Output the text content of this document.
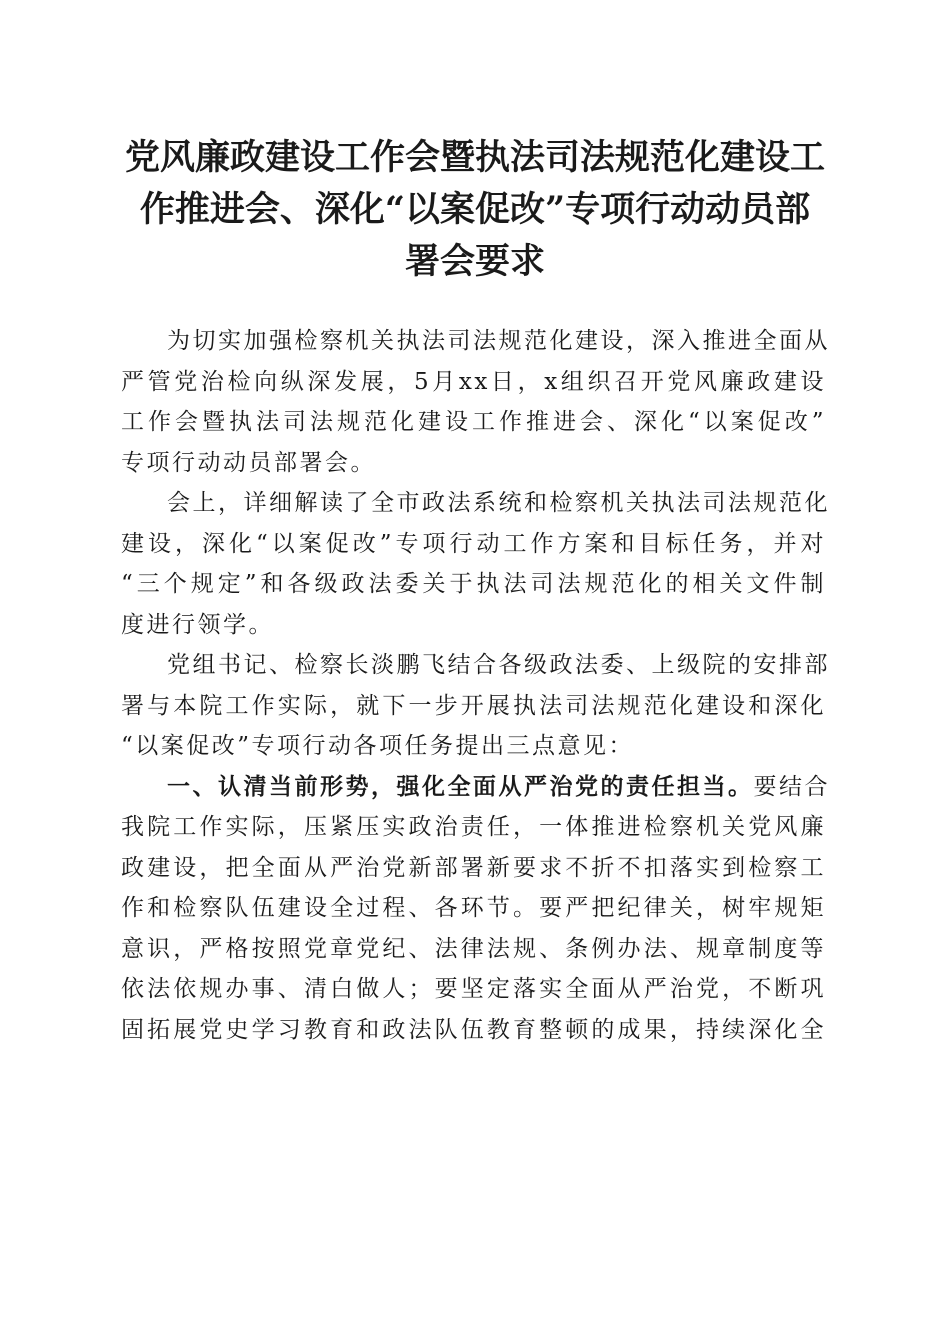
党风廉政建设工作会暨执法司法规范化建设工
作推进会、深化“以案促改”专项行动动员部
署会要求
为切实加强检察机关执法司法规范化建设，深入推进全面从
严管党治检向纵深发展，5月xx日，x组织召开党风廉政建设
工作会暨执法司法规范化建设工作推进会、深化“以案促改”
专项行动动员部署会。
会上，详细解读了全市政法系统和检察机关执法司法规范化
建设，深化“以案促改”专项行动工作方案和目标任务，并对
“三个规定”和各级政法委关于执法司法规范化的相关文件制
度进行领学。
党组书记、检察长淡鹏飞结合各级政法委、上级院的安排部
署与本院工作实际，就下一步开展执法司法规范化建设和深化
“以案促改”专项行动各项任务提出三点意见：
一、认清当前形势，强化全面从严治党的责任担当。要结合
我院工作实际，压紧压实政治责任，一体推进检察机关党风廉
政建设，把全面从严治党新部署新要求不折不扣落实到检察工
作和检察队伍建设全过程、各环节。要严把纪律关，树牢规矩
意识，严格按照党章党纪、法律法规、条例办法、规章制度等
依法依规办事、清白做人；要坚定落实全面从严治党，不断巩
固拓展党史学习教育和政法队伍教育整顿的成果，持续深化全
